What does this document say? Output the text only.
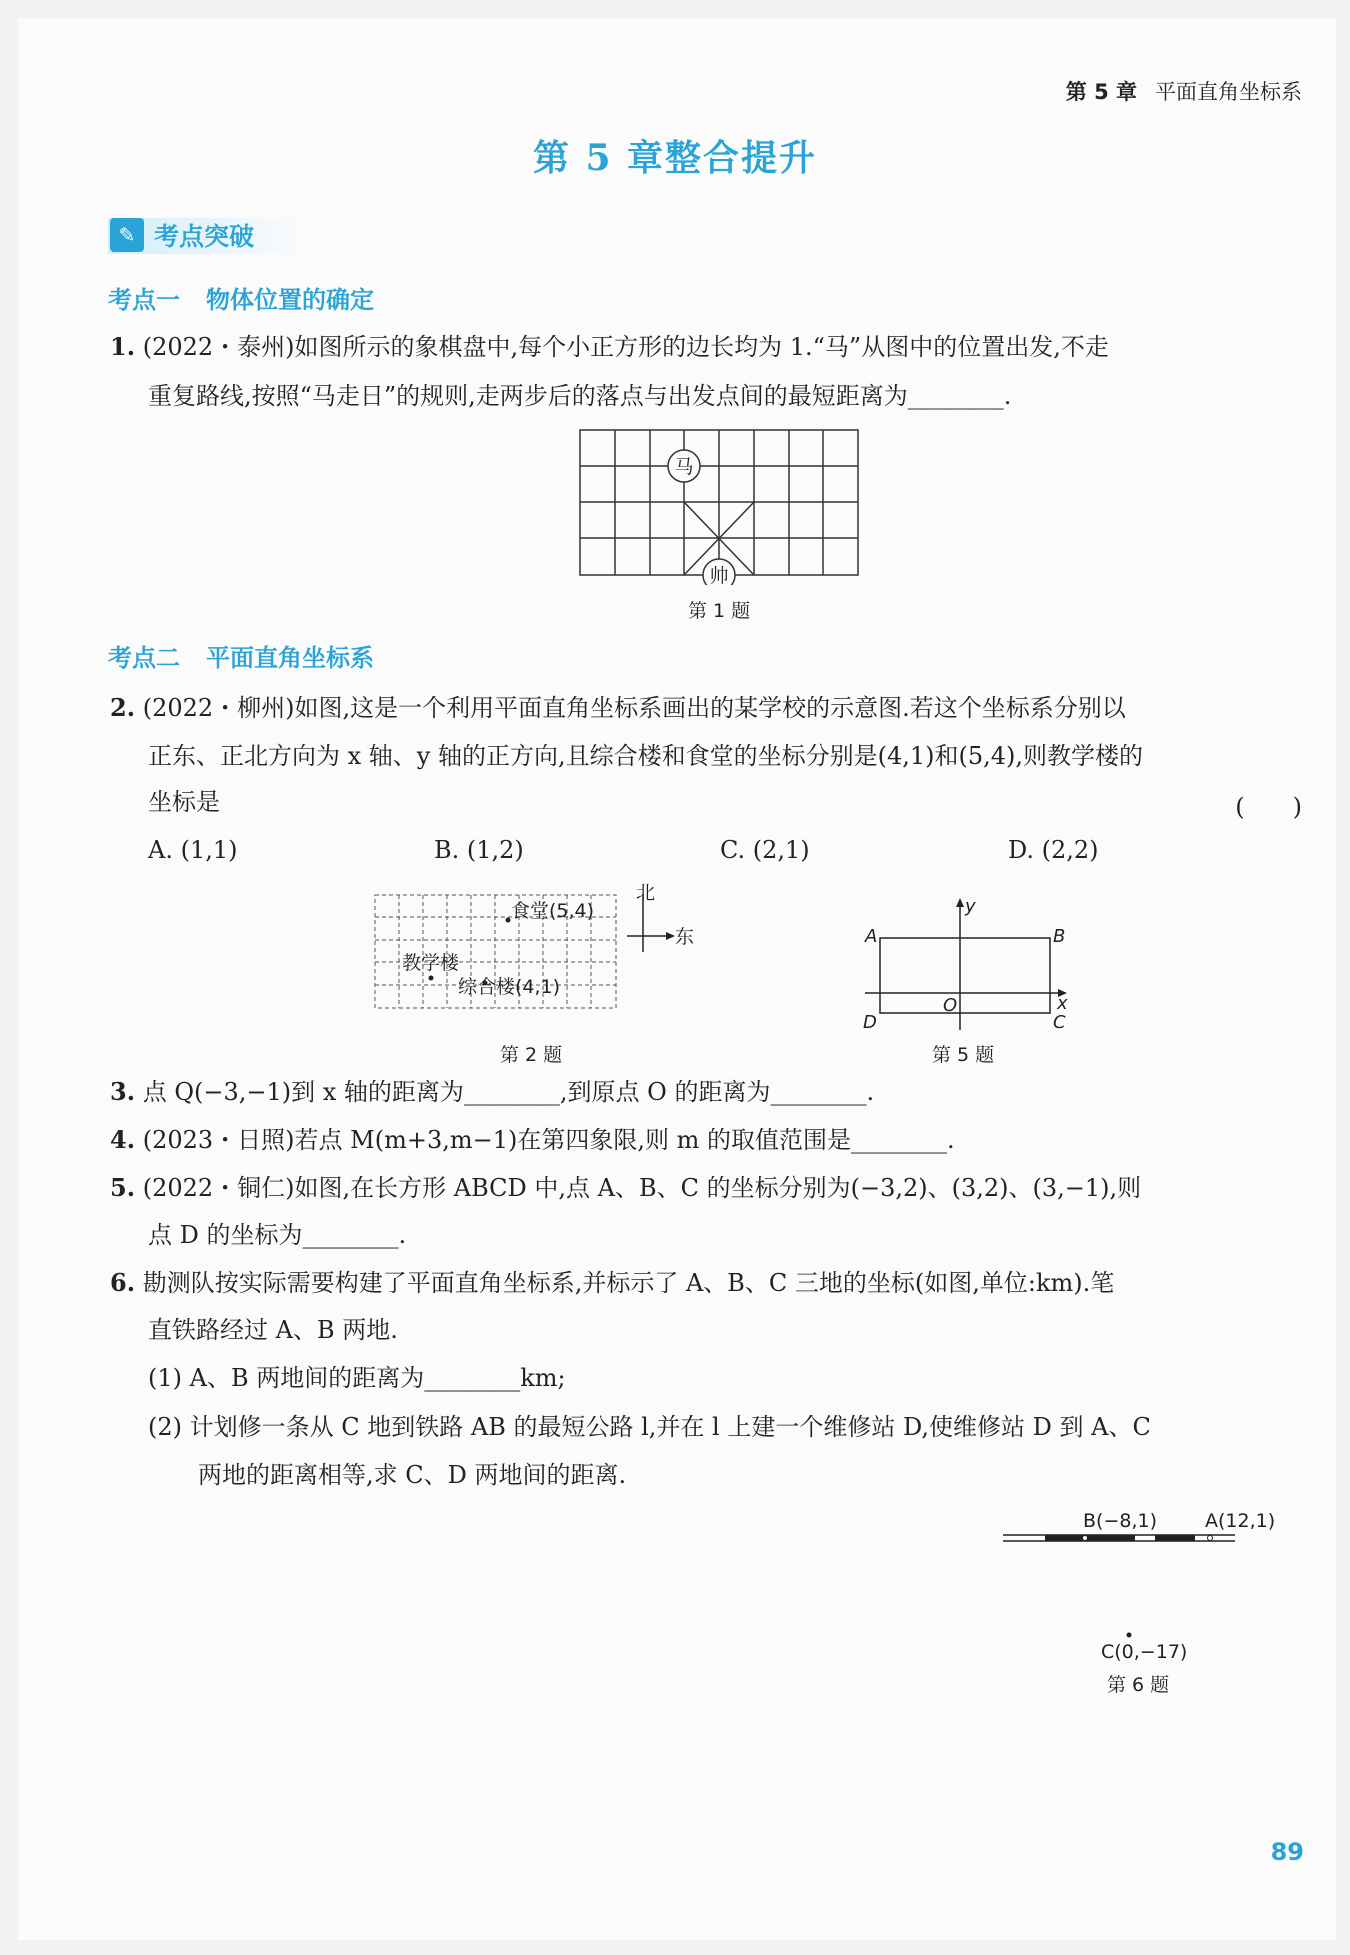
第 5 章 平面直角坐标系
第 5 章整合提升
✎ 考点突破
考点一 物体位置的确定
1. (2022・泰州)如图所示的象棋盘中,每个小正方形的边长均为 1.“马”从图中的位置出发,不走
重复路线,按照“马走日”的规则,走两步后的落点与出发点间的最短距离为________.
马
帅
第 1 题
考点二 平面直角坐标系
2. (2022・柳州)如图,这是一个利用平面直角坐标系画出的某学校的示意图.若这个坐标系分别以
正东、正北方向为 x 轴、y 轴的正方向,且综合楼和食堂的坐标分别是(4,1)和(5,4),则教学楼的
坐标是	(　　)
A. (1,1)	B. (1,2)	C. (2,1)	D. (2,2)
食堂(5,4)
教学楼
综合楼(4,1)
北
东
第 2 题
y
x
A	B
C
D
O
第 5 题
3. 点 Q(−3,−1)到 x 轴的距离为________,到原点 O 的距离为________.
4. (2023・日照)若点 M(m+3,m−1)在第四象限,则 m 的取值范围是________.
5. (2022・铜仁)如图,在长方形 ABCD 中,点 A、B、C 的坐标分别为(−3,2)、(3,2)、(3,−1),则
点 D 的坐标为________.
6. 勘测队按实际需要构建了平面直角坐标系,并标示了 A、B、C 三地的坐标(如图,单位:km).笔
直铁路经过 A、B 两地.
(1) A、B 两地间的距离为________km;
(2) 计划修一条从 C 地到铁路 AB 的最短公路 l,并在 l 上建一个维修站 D,使维修站 D 到 A、C
两地的距离相等,求 C、D 两地间的距离.
B(−8,1)	A(12,1)
C(0,−17)
第 6 题
89
